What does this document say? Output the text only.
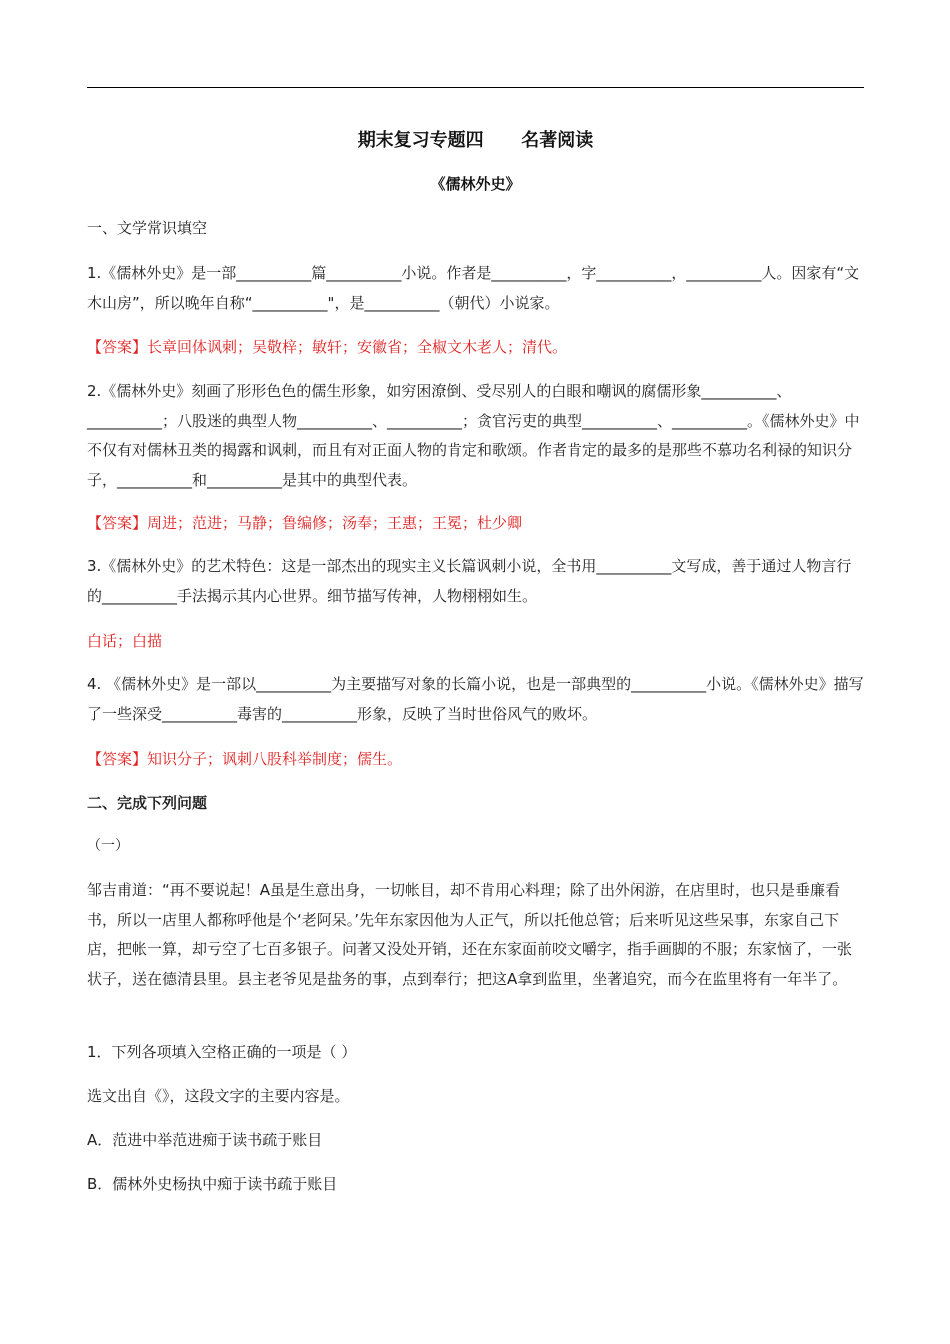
期末复习专题四      名著阅读
《儒林外史》

一、文学常识填空

1.《儒林外史》是一部__________篇__________小说。作者是__________，字__________，__________人。因家有“文木山房”，所以晚年自称“__________"，是__________（朝代）小说家。

【答案】长章回体讽刺；吴敬梓；敏轩；安徽省；全椒文木老人；清代。

2.《儒林外史》刻画了形形色色的儒生形象，如穷困潦倒、受尽别人的白眼和嘲讽的腐儒形象__________、__________；八股迷的典型人物__________、__________；贪官污吏的典型__________、__________。《儒林外史》中不仅有对儒林丑类的揭露和讽刺，而且有对正面人物的肯定和歌颂。作者肯定的最多的是那些不慕功名利禄的知识分子，__________和__________是其中的典型代表。

【答案】周进；范进；马静；鲁编修；汤奉；王惠；王冕；杜少卿

3.《儒林外史》的艺术特色：这是一部杰出的现实主义长篇讽刺小说，全书用__________文写成，善于通过人物言行的__________手法揭示其内心世界。细节描写传神，人物栩栩如生。

白话；白描

4. 《儒林外史》是一部以__________为主要描写对象的长篇小说，也是一部典型的__________小说。《儒林外史》描写了一些深受__________毒害的__________形象，反映了当时世俗风气的败坏。

【答案】知识分子；讽刺八股科举制度；儒生。

二、完成下列问题

（一）

邹吉甫道：“再不要说起！A虽是生意出身，一切帐目，却不肯用心料理；除了出外闲游，在店里时，也只是垂廉看书，所以一店里人都称呼他是个‘老阿呆。’先年东家因他为人正气，所以托他总管；后来听见这些呆事，东家自己下店，把帐一算，却亏空了七百多银子。问著又没处开销，还在东家面前咬文嚼字，指手画脚的不服；东家恼了，一张状子，送在德清县里。县主老爷见是盐务的事，点到奉行；把这A拿到监里，坐著追究，而今在监里将有一年半了。

1．下列各项填入空格正确的一项是（ ）

选文出自《》，这段文字的主要内容是。

A．范进中举范进痴于读书疏于账目

B．儒林外史杨执中痴于读书疏于账目
